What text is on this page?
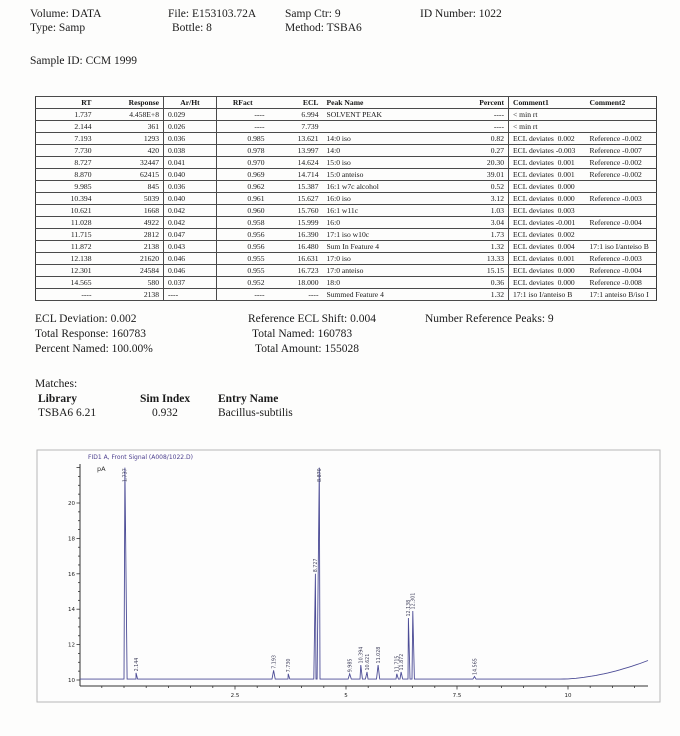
Volume: DATA	File: E153103.72A	Samp Ctr: 9	ID Number: 1022
Type: Samp	Bottle: 8	Method: TSBA6
Sample ID: CCM 1999
RT	Response	Ar/Ht	RFact	ECL	Peak Name	Percent	Comment1	Comment2
1.737	4.458E+8	0.029	----	6.994	SOLVENT PEAK	----	< min rt	
2.144	361	0.026	----	7.739		----	< min rt	
7.193	1293	0.036	0.985	13.621	14:0 iso	0.82	ECL deviates  0.002	Reference -0.002
7.730	420	0.038	0.978	13.997	14:0	0.27	ECL deviates -0.003	Reference -0.007
8.727	32447	0.041	0.970	14.624	15:0 iso	20.30	ECL deviates  0.001	Reference -0.002
8.870	62415	0.040	0.969	14.714	15:0 anteiso	39.01	ECL deviates  0.001	Reference -0.002
9.985	845	0.036	0.962	15.387	16:1 w7c alcohol	0.52	ECL deviates  0.000	
10.394	5039	0.040	0.961	15.627	16:0 iso	3.12	ECL deviates  0.000	Reference -0.003
10.621	1668	0.042	0.960	15.760	16:1 w11c	1.03	ECL deviates  0.003	
11.028	4922	0.042	0.958	15.999	16:0	3.04	ECL deviates -0.001	Reference -0.004
11.715	2812	0.047	0.956	16.390	17:1 iso w10c	1.73	ECL deviates  0.002	
11.872	2138	0.043	0.956	16.480	Sum In Feature 4	1.32	ECL deviates  0.004	17:1 iso I/anteiso B
12.138	21620	0.046	0.955	16.631	17:0 iso	13.33	ECL deviates  0.001	Reference -0.003
12.301	24584	0.046	0.955	16.723	17:0 anteiso	15.15	ECL deviates  0.000	Reference -0.004
14.565	580	0.037	0.952	18.000	18:0	0.36	ECL deviates  0.000	Reference -0.008
----	2138	----	----	----	Summed Feature 4	1.32	17:1 iso I/anteiso B	17:1 anteiso B/iso I
ECL Deviation: 0.002	Reference ECL Shift: 0.004	Number Reference Peaks: 9
Total Response: 160783	Total Named: 160783
Percent Named: 100.00%	Total Amount: 155028
Matches:
Library	Sim Index Entry Name
TSBA6 6.21	0.932	Bacillus-subtilis
FID1 A, Front Signal (A008/1022.D)
pA
10
12
14
16
18
20
2.5	5	7.5	10
1.737
2.144	7.193 7.730
8.727
8.870
9.985
10.394 10.621 11.028
11.715 11.872
12.138 12.301
14.565
